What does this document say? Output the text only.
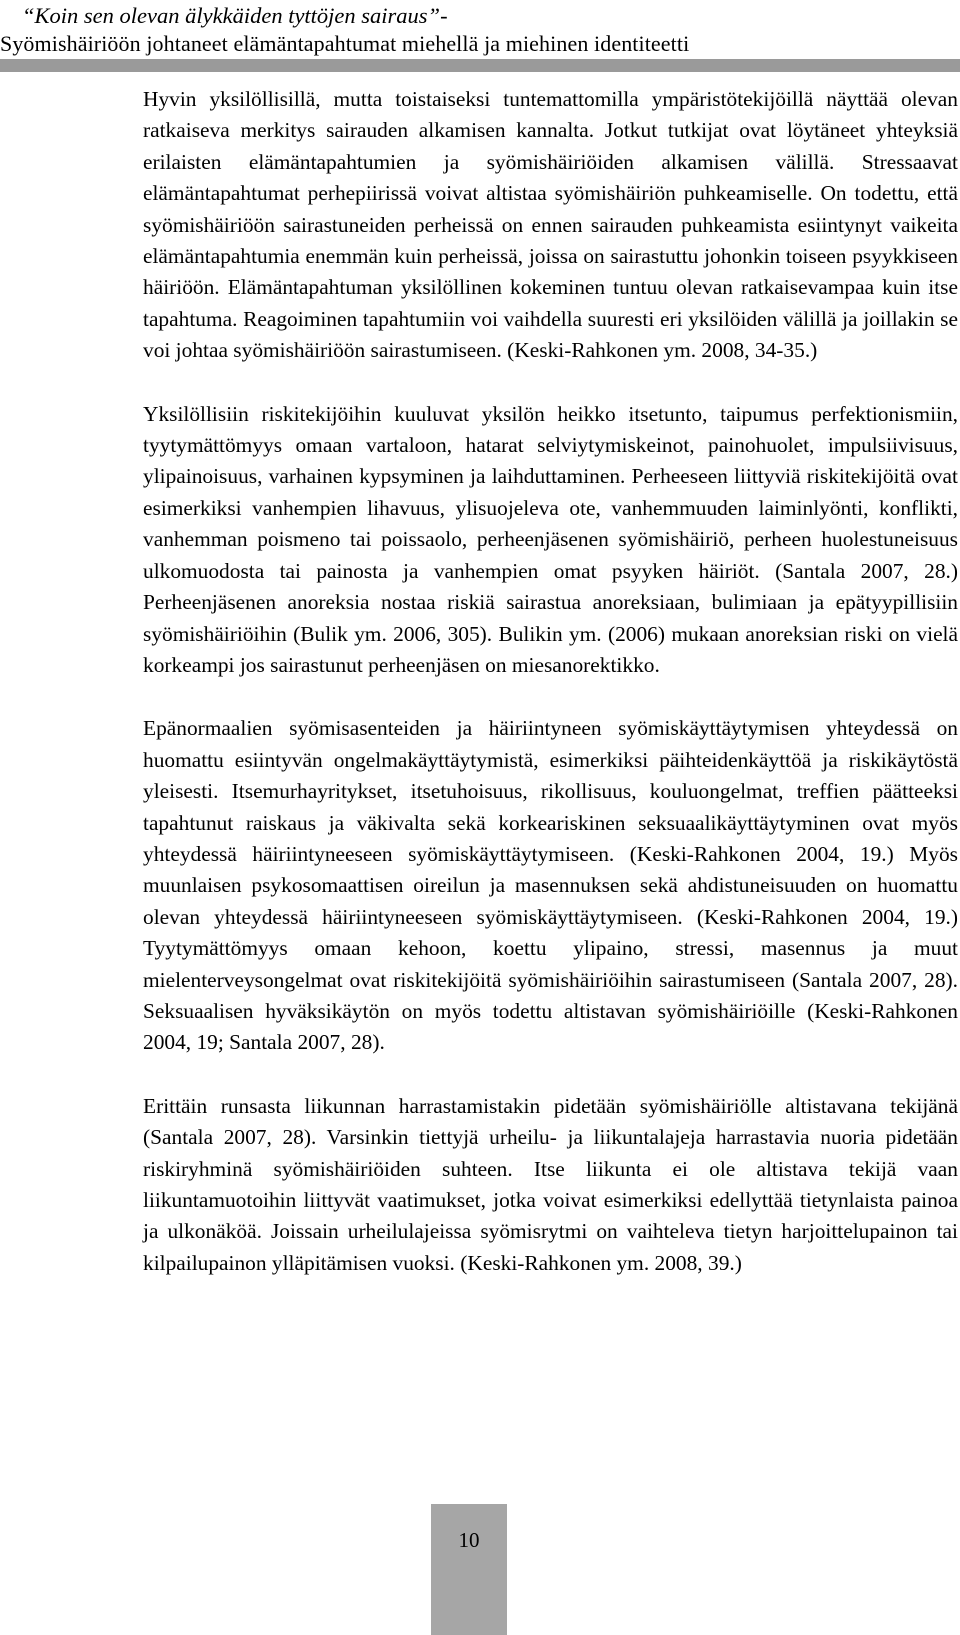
“Koin sen olevan älykkäiden tyttöjen sairaus”-
Syömishäiriöön johtaneet elämäntapahtumat miehellä ja miehinen identiteetti

Hyvin yksilöllisillä, mutta toistaiseksi tuntemattomilla ympäristötekijöillä näyttää olevan ratkaiseva merkitys sairauden alkamisen kannalta. Jotkut tutkijat ovat löytäneet yhteyksiä erilaisten elämäntapahtumien ja syömishäiriöiden alkamisen välillä. Stressaavat elämäntapahtumat perhepiirissä voivat altistaa syömishäiriön puhkeamiselle. On todettu, että syömishäiriöön sairastuneiden perheissä on ennen sairauden puhkeamista esiintynyt vaikeita elämäntapahtumia enemmän kuin perheissä, joissa on sairastuttu johonkin toiseen psyykkiseen häiriöön. Elämäntapahtuman yksilöllinen kokeminen tuntuu olevan ratkaisevampaa kuin itse tapahtuma. Reagoiminen tapahtumiin voi vaihdella suuresti eri yksilöiden välillä ja joillakin se voi johtaa syömishäiriöön sairastumiseen. (Keski-Rahkonen ym. 2008, 34-35.)

Yksilöllisiin riskitekijöihin kuuluvat yksilön heikko itsetunto, taipumus perfektionismiin, tyytymättömyys omaan vartaloon, hatarat selviytymiskeinot, painohuolet, impulsiivisuus, ylipainoisuus, varhainen kypsyminen ja laihduttaminen. Perheeseen liittyviä riskitekijöitä ovat esimerkiksi vanhempien lihavuus, ylisuojeleva ote, vanhemmuuden laiminlyönti, konflikti, vanhemman poismeno tai poissaolo, perheenjäsenen syömishäiriö, perheen huolestuneisuus ulkomuodosta tai painosta ja vanhempien omat psyyken häiriöt. (Santala 2007, 28.) Perheenjäsenen anoreksia nostaa riskiä sairastua anoreksiaan, bulimiaan ja epätyypillisiin syömishäiriöihin (Bulik ym. 2006, 305). Bulikin ym. (2006) mukaan anoreksian riski on vielä korkeampi jos sairastunut perheenjäsen on miesanorektikko.

Epänormaalien syömisasenteiden ja häiriintyneen syömiskäyttäytymisen yhteydessä on huomattu esiintyvän ongelmakäyttäytymistä, esimerkiksi päihteidenkäyttöä ja riskikäytöstä yleisesti. Itsemurhayritykset, itsetuhoisuus, rikollisuus, kouluongelmat, treffien päätteeksi tapahtunut raiskaus ja väkivalta sekä korkeariskinen seksuaalikäyttäytyminen ovat myös yhteydessä häiriintyneeseen syömiskäyttäytymiseen. (Keski-Rahkonen 2004, 19.) Myös muunlaisen psykosomaattisen oireilun ja masennuksen sekä ahdistuneisuuden on huomattu olevan yhteydessä häiriintyneeseen syömiskäyttäytymiseen. (Keski-Rahkonen 2004, 19.) Tyytymättömyys omaan kehoon, koettu ylipaino, stressi, masennus ja muut mielenterveysongelmat ovat riskitekijöitä syömishäiriöihin sairastumiseen (Santala 2007, 28). Seksuaalisen hyväksikäytön on myös todettu altistavan syömishäiriöille (Keski-Rahkonen 2004, 19; Santala 2007, 28).

Erittäin runsasta liikunnan harrastamistakin pidetään syömishäiriölle altistavana tekijänä (Santala 2007, 28). Varsinkin tiettyjä urheilu- ja liikuntalajeja harrastavia nuoria pidetään riskiryhminä syömishäiriöiden suhteen. Itse liikunta ei ole altistava tekijä vaan liikuntamuotoihin liittyvät vaatimukset, jotka voivat esimerkiksi edellyttää tietynlaista painoa ja ulkonäköä. Joissain urheilulajeissa syömisrytmi on vaihteleva tietyn harjoittelupainon tai kilpailupainon ylläpitämisen vuoksi. (Keski-Rahkonen ym. 2008, 39.)

10
